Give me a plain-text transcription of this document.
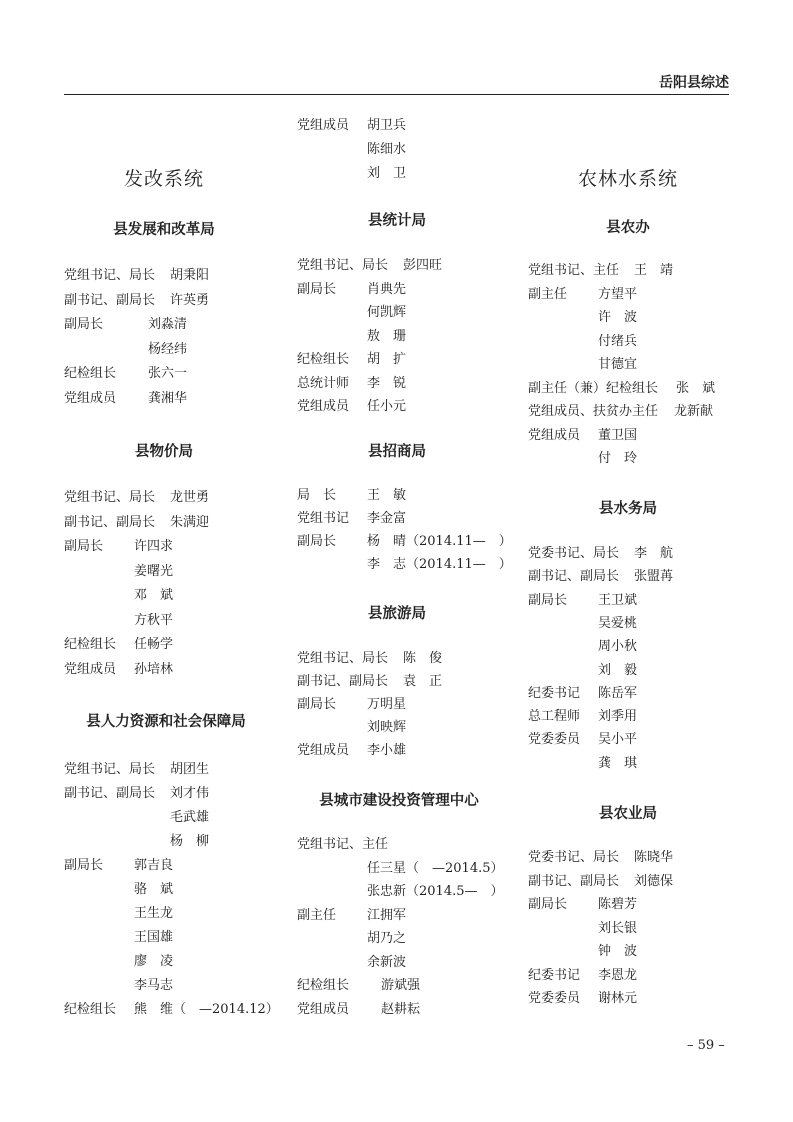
岳阳县综述
发改系统
县发展和改革局
党组书记、局长 胡秉阳
副书记、副局长 许英勇
副局长	刘淼清
杨经纬
纪检组长 张六一
党组成员 龚湘华
县物价局
党组书记、局长 龙世勇
副书记、副局长 朱满迎
副局长 许四求
姜曙光
邓　斌
方秋平
纪检组长 任畅学
党组成员 孙培林
县人力资源和社会保障局
党组书记、局长 胡团生
副书记、副局长 刘才伟
毛武雄
杨　柳
副局长 郭吉良
骆　斌
王生龙
王国雄
廖　凌
李马志
纪检组长 熊　维（　—2014.12）
党组成员 胡卫兵
陈细水
刘　卫
县统计局
党组书记、局长 彭四旺
副局长 肖典先
何凯辉
敖　珊
纪检组长 胡　扩
总统计师 李　锐
党组成员 任小元
县招商局
局　长 王　敏
党组书记 李金富
副局长 杨　晴（2014.11—　）
李　志（2014.11—　）
县旅游局
党组书记、局长 陈　俊
副书记、副局长 袁　正
副局长 万明星
刘映辉
党组成员 李小雄
县城市建设投资管理中心
党组书记、主任
任三星（　—2014.5）
张忠新（2014.5—　）
副主任 江拥军
胡乃之
余新波
纪检组长 游斌强
党组成员 赵耕耘
农林水系统
县农办
党组书记、主任 王　靖
副主任 方望平
许　波
付绪兵
甘德宜
副主任（兼）纪检组长 张　斌
党组成员、扶贫办主任 龙新献
党组成员 董卫国
付　玲
县水务局
党委书记、局长 李　航
副书记、副局长 张盟苒
副局长 王卫斌
吴爱桃
周小秋
刘　毅
纪委书记 陈岳军
总工程师 刘季用
党委委员 吴小平
龚　琪
县农业局
党委书记、局长 陈晓华
副书记、副局长 刘德保
副局长 陈碧芳
刘长银
钟　波
纪委书记 李恩龙
党委委员 谢林元
– 59 –
